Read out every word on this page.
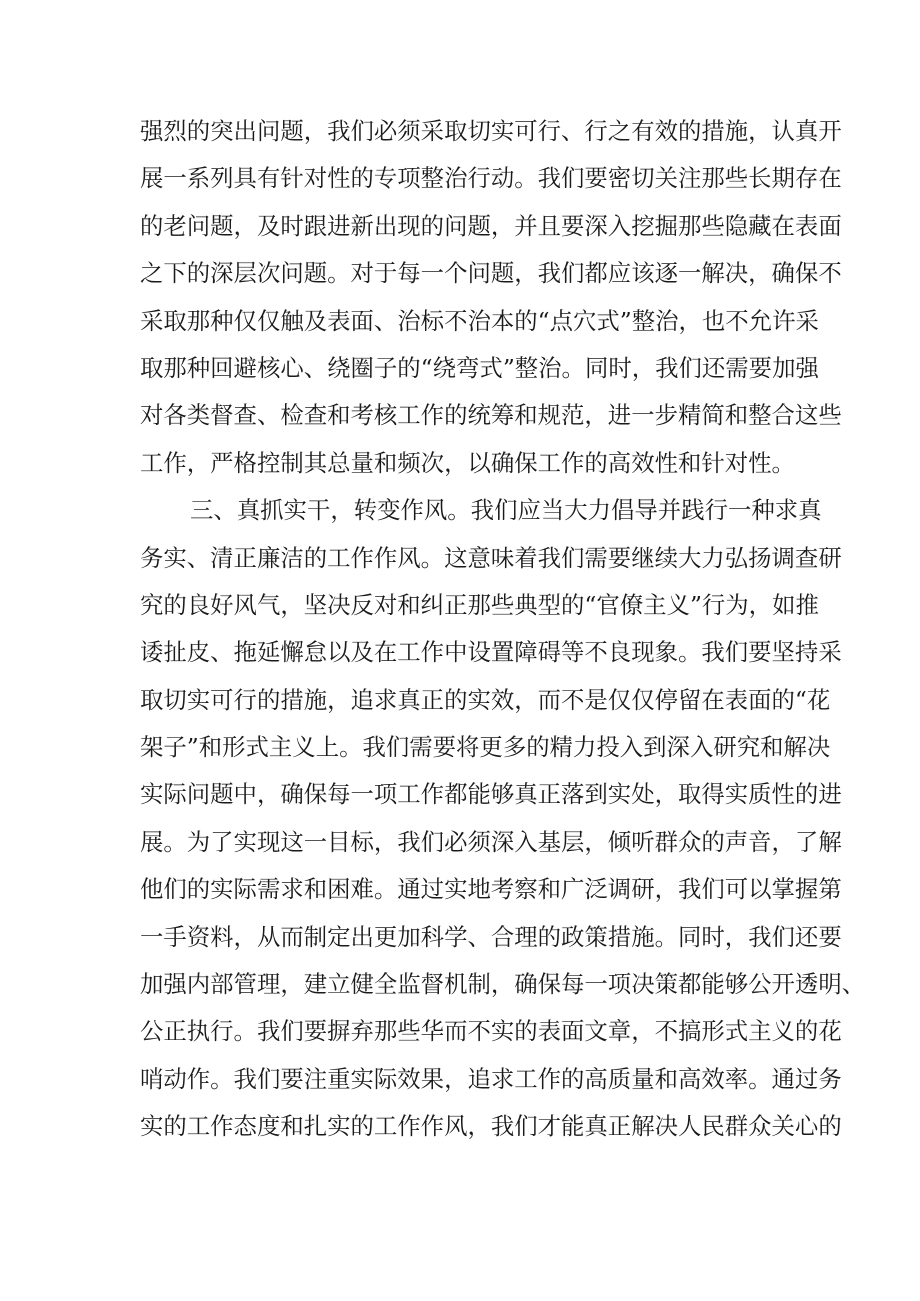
强烈的突出问题，我们必须采取切实可行、行之有效的措施，认真开
展一系列具有针对性的专项整治行动。我们要密切关注那些长期存在
的老问题，及时跟进新出现的问题，并且要深入挖掘那些隐藏在表面
之下的深层次问题。对于每一个问题，我们都应该逐一解决，确保不
采取那种仅仅触及表面、治标不治本的“点穴式”整治，也不允许采
取那种回避核心、绕圈子的“绕弯式”整治。同时，我们还需要加强
对各类督查、检查和考核工作的统筹和规范，进一步精简和整合这些
工作，严格控制其总量和频次，以确保工作的高效性和针对性。
三、真抓实干，转变作风。我们应当大力倡导并践行一种求真
务实、清正廉洁的工作作风。这意味着我们需要继续大力弘扬调查研
究的良好风气，坚决反对和纠正那些典型的“官僚主义”行为，如推
诿扯皮、拖延懈怠以及在工作中设置障碍等不良现象。我们要坚持采
取切实可行的措施，追求真正的实效，而不是仅仅停留在表面的“花
架子”和形式主义上。我们需要将更多的精力投入到深入研究和解决
实际问题中，确保每一项工作都能够真正落到实处，取得实质性的进
展。为了实现这一目标，我们必须深入基层，倾听群众的声音，了解
他们的实际需求和困难。通过实地考察和广泛调研，我们可以掌握第
一手资料，从而制定出更加科学、合理的政策措施。同时，我们还要
加强内部管理，建立健全监督机制，确保每一项决策都能够公开透明、
公正执行。我们要摒弃那些华而不实的表面文章，不搞形式主义的花
哨动作。我们要注重实际效果，追求工作的高质量和高效率。通过务
实的工作态度和扎实的工作作风，我们才能真正解决人民群众关心的
